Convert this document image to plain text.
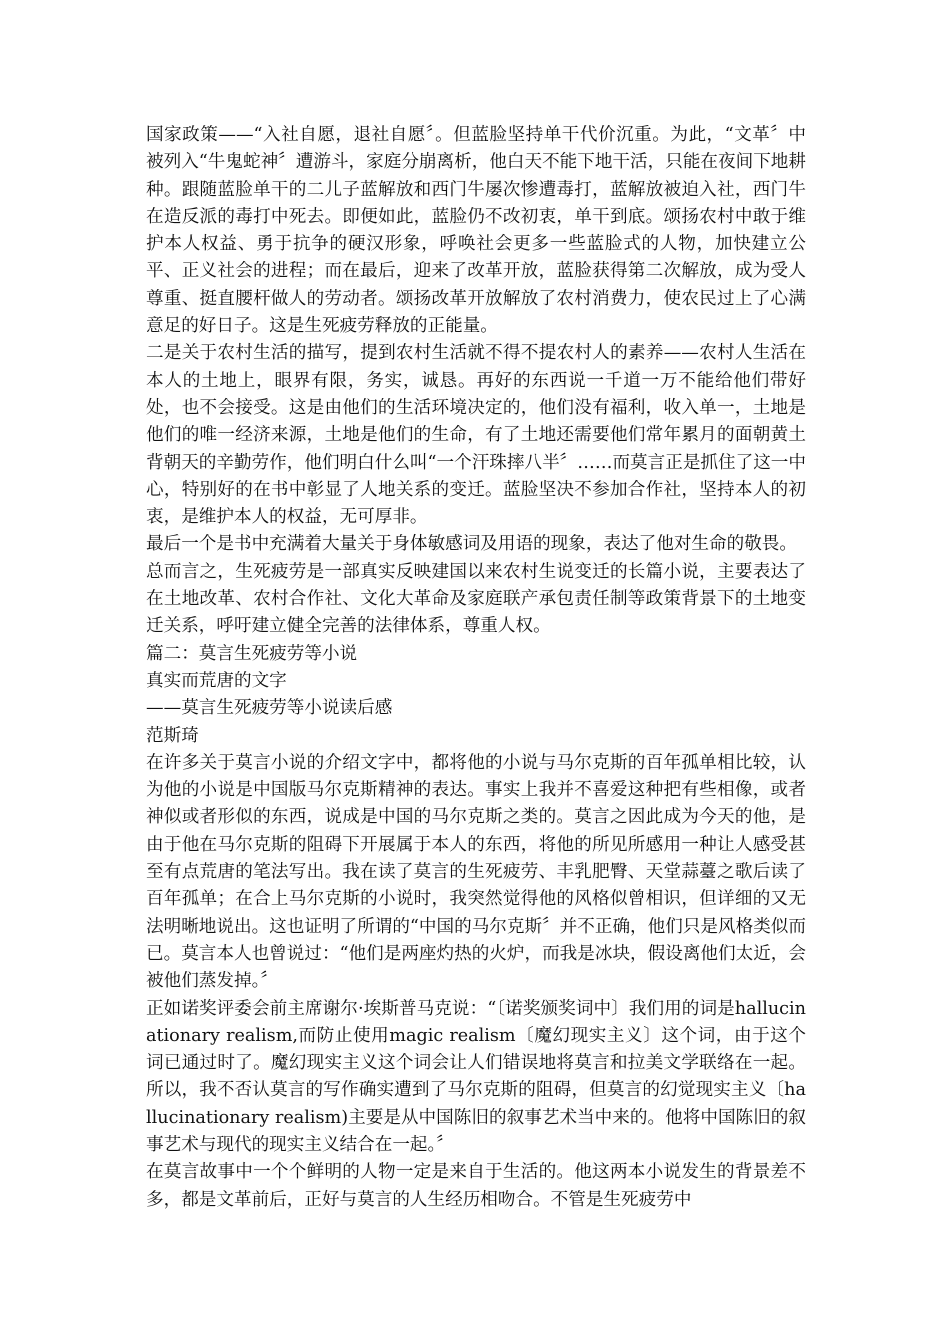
国家政策——“入社自愿，退社自愿〞。但蓝脸坚持单干代价沉重。为此，“文革〞中被列入“牛鬼蛇神〞遭游斗，家庭分崩离析，他白天不能下地干活，只能在夜间下地耕种。跟随蓝脸单干的二儿子蓝解放和西门牛屡次惨遭毒打，蓝解放被迫入社，西门牛在造反派的毒打中死去。即便如此，蓝脸仍不改初衷，单干到底。颂扬农村中敢于维护本人权益、勇于抗争的硬汉形象，呼唤社会更多一些蓝脸式的人物，加快建立公平、正义社会的进程；而在最后，迎来了改革开放，蓝脸获得第二次解放，成为受人尊重、挺直腰杆做人的劳动者。颂扬改革开放解放了农村消费力，使农民过上了心满意足的好日子。这是生死疲劳释放的正能量。

二是关于农村生活的描写，提到农村生活就不得不提农村人的素养——农村人生活在本人的土地上，眼界有限，务实，诚恳。再好的东西说一千道一万不能给他们带好处，也不会接受。这是由他们的生活环境决定的，他们没有福利，收入单一，土地是他们的唯一经济来源，土地是他们的生命，有了土地还需要他们常年累月的面朝黄土背朝天的辛勤劳作，他们明白什么叫“一个汗珠摔八半〞……而莫言正是抓住了这一中心，特别好的在书中彰显了人地关系的变迁。蓝脸坚决不参加合作社，坚持本人的初衷，是维护本人的权益，无可厚非。

最后一个是书中充满着大量关于身体敏感词及用语的现象，表达了他对生命的敬畏。

总而言之，生死疲劳是一部真实反映建国以来农村生说变迁的长篇小说，主要表达了在土地改革、农村合作社、文化大革命及家庭联产承包责任制等政策背景下的土地变迁关系，呼吁建立健全完善的法律体系，尊重人权。

篇二：莫言生死疲劳等小说

真实而荒唐的文字

——莫言生死疲劳等小说读后感

范斯琦

在许多关于莫言小说的介绍文字中，都将他的小说与马尔克斯的百年孤单相比较，认为他的小说是中国版马尔克斯精神的表达。事实上我并不喜爱这种把有些相像，或者神似或者形似的东西，说成是中国的马尔克斯之类的。莫言之因此成为今天的他，是由于他在马尔克斯的阻碍下开展属于本人的东西，将他的所见所感用一种让人感受甚至有点荒唐的笔法写出。我在读了莫言的生死疲劳、丰乳肥臀、天堂蒜薹之歌后读了百年孤单；在合上马尔克斯的小说时，我突然觉得他的风格似曾相识，但详细的又无法明晰地说出。这也证明了所谓的“中国的马尔克斯〞并不正确，他们只是风格类似而已。莫言本人也曾说过：“他们是两座灼热的火炉，而我是冰块，假设离他们太近，会被他们蒸发掉。〞

正如诺奖评委会前主席谢尔·埃斯普马克说：“〔诺奖颁奖词中〕我们用的词是hallucinationary realism,而防止使用magic realism〔魔幻现实主义〕这个词，由于这个词已通过时了。魔幻现实主义这个词会让人们错误地将莫言和拉美文学联络在一起。所以，我不否认莫言的写作确实遭到了马尔克斯的阻碍，但莫言的幻觉现实主义〔hallucinationary realism)主要是从中国陈旧的叙事艺术当中来的。他将中国陈旧的叙事艺术与现代的现实主义结合在一起。〞

在莫言故事中一个个鲜明的人物一定是来自于生活的。他这两本小说发生的背景差不多，都是文革前后，正好与莫言的人生经历相吻合。不管是生死疲劳中
